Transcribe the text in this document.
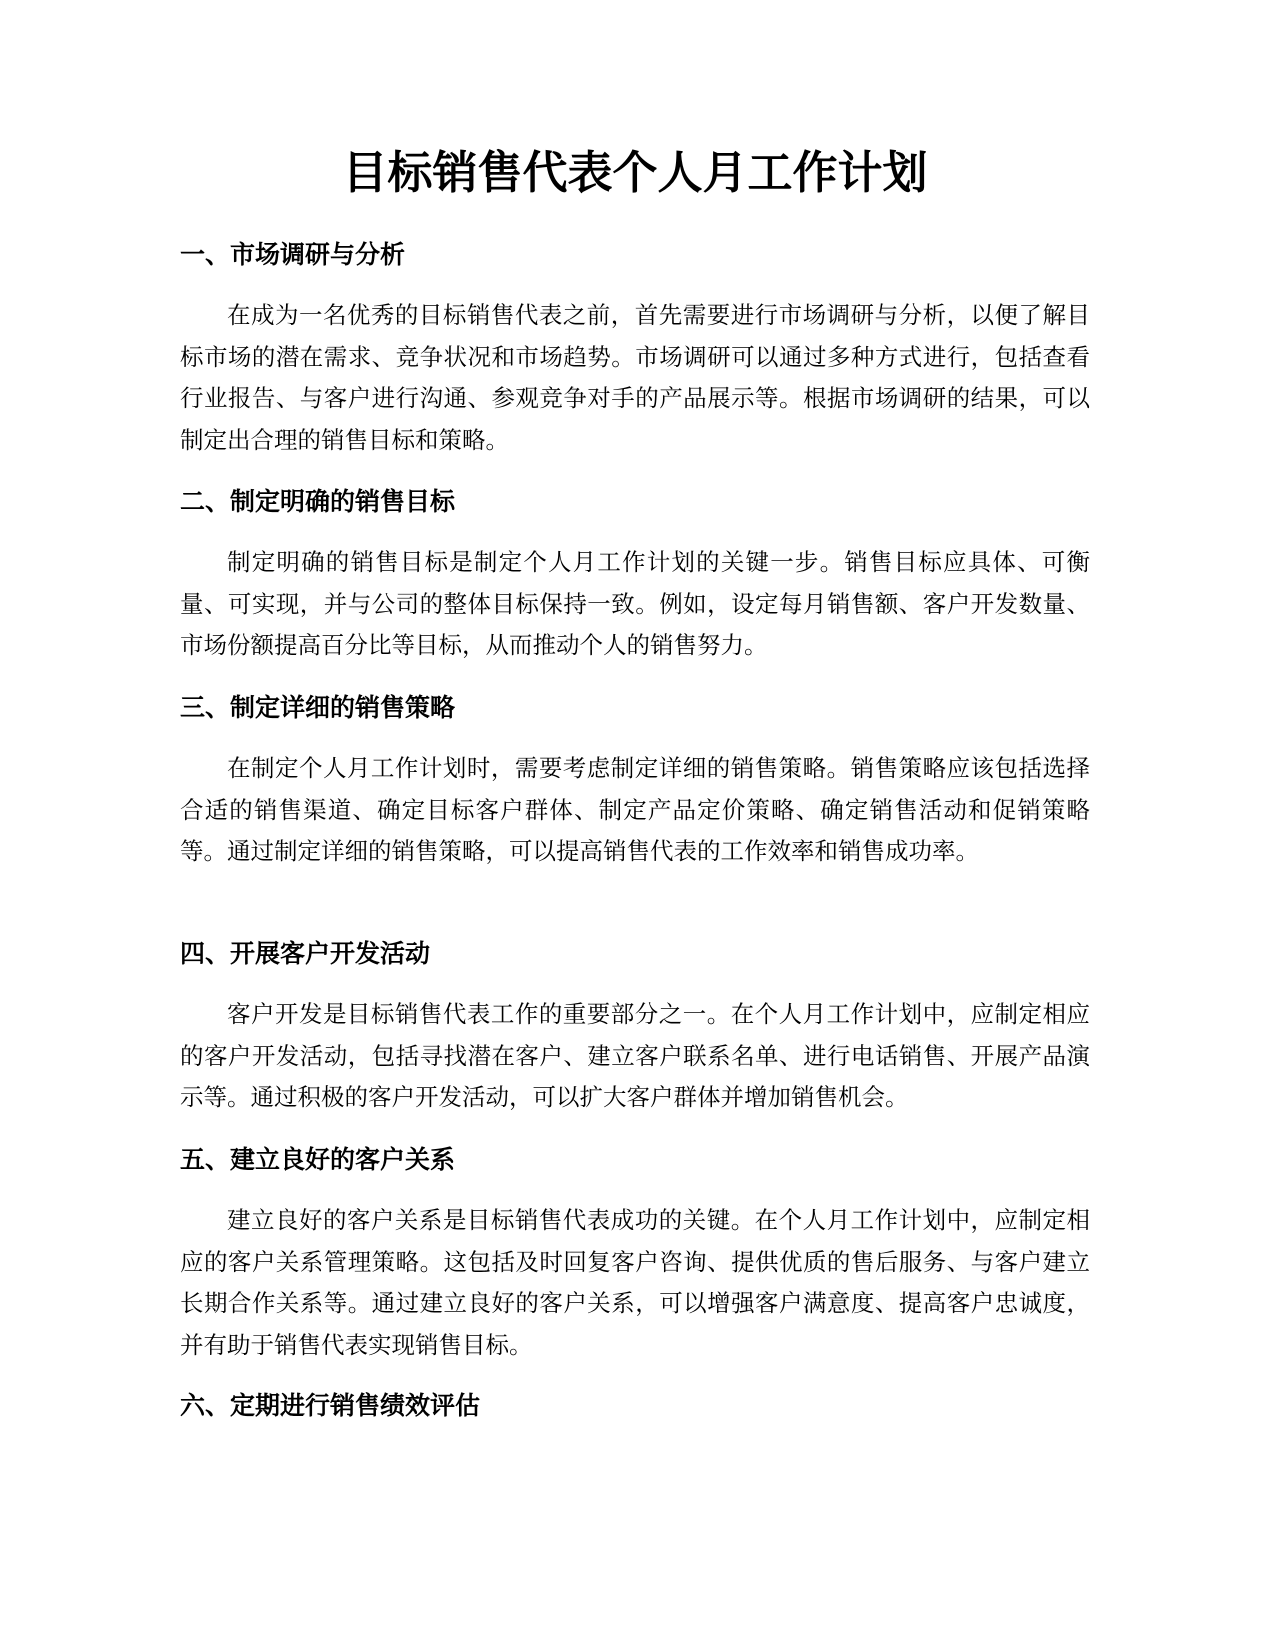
目标销售代表个人月工作计划
一、市场调研与分析

在成为一名优秀的目标销售代表之前，首先需要进行市场调研与分析，以便了解目标市场的潜在需求、竞争状况和市场趋势。市场调研可以通过多种方式进行，包括查看行业报告、与客户进行沟通、参观竞争对手的产品展示等。根据市场调研的结果，可以制定出合理的销售目标和策略。

二、制定明确的销售目标

制定明确的销售目标是制定个人月工作计划的关键一步。销售目标应具体、可衡量、可实现，并与公司的整体目标保持一致。例如，设定每月销售额、客户开发数量、市场份额提高百分比等目标，从而推动个人的销售努力。

三、制定详细的销售策略

在制定个人月工作计划时，需要考虑制定详细的销售策略。销售策略应该包括选择合适的销售渠道、确定目标客户群体、制定产品定价策略、确定销售活动和促销策略等。通过制定详细的销售策略，可以提高销售代表的工作效率和销售成功率。

四、开展客户开发活动

客户开发是目标销售代表工作的重要部分之一。在个人月工作计划中，应制定相应的客户开发活动，包括寻找潜在客户、建立客户联系名单、进行电话销售、开展产品演示等。通过积极的客户开发活动，可以扩大客户群体并增加销售机会。

五、建立良好的客户关系

建立良好的客户关系是目标销售代表成功的关键。在个人月工作计划中，应制定相应的客户关系管理策略。这包括及时回复客户咨询、提供优质的售后服务、与客户建立长期合作关系等。通过建立良好的客户关系，可以增强客户满意度、提高客户忠诚度，并有助于销售代表实现销售目标。

六、定期进行销售绩效评估
